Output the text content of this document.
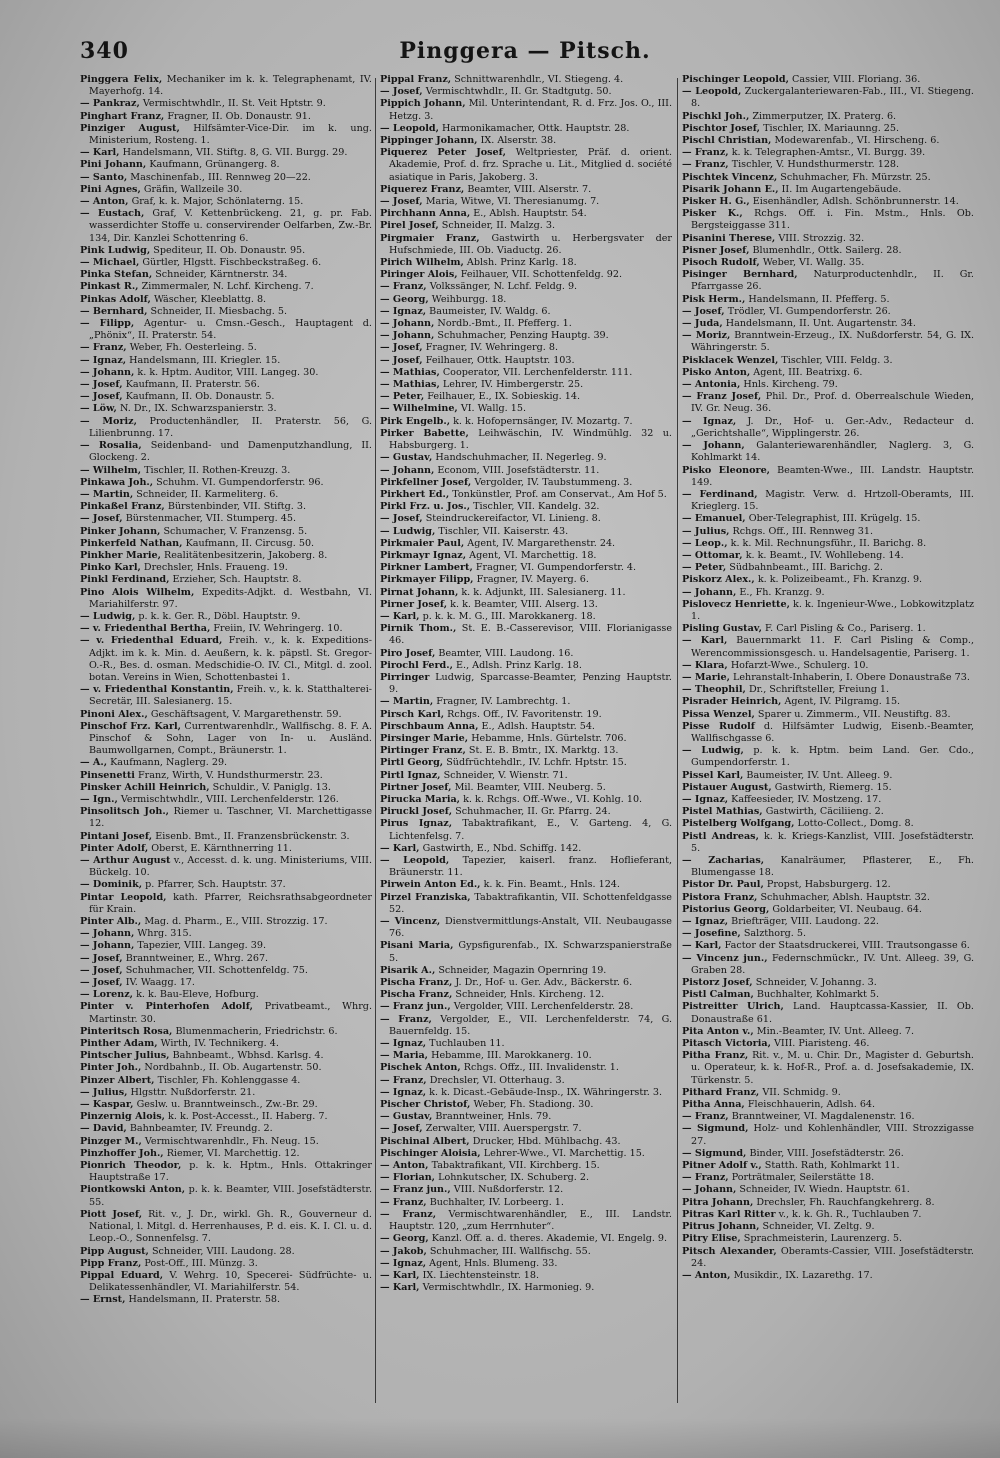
340	Pinggera — Pitsch.

Pinggera Felix, Mechaniker im k. k. Telegraphenamt, IV. Mayerhofg. 14.

— Pankraz, Vermischtwhdlr., II. St. Veit Hptstr. 9.

Pinghart Franz, Fragner, II. Ob. Donaustr. 91.

Pinziger August, Hilfsämter-Vice-Dir. im k. ung. Ministerium, Rosteng. 1.

— Karl, Handelsmann, VII. Stiftg. 8, G. VII. Burgg. 29.

Pini Johann, Kaufmann, Grünangerg. 8.

— Santo, Maschinenfab., III. Rennweg 20—22.

Pini Agnes, Gräfin, Wallzeile 30.

— Anton, Graf, k. k. Major, Schönlaterng. 15.

— Eustach, Graf, V. Kettenbrückeng. 21, g. pr. Fab. wasserdichter Stoffe u. conservirender Oelfarben, Zw.-Br. 134, Dir. Kanzlei Schottenring 6.

Pink Ludwig, Spediteur, II. Ob. Donaustr. 95.

— Michael, Gürtler, Hlgstt. Fischbeckstraßeg. 6.

Pinka Stefan, Schneider, Kärntnerstr. 34.

Pinkast R., Zimmermaler, N. Lchf. Kircheng. 7.

Pinkas Adolf, Wäscher, Kleeblattg. 8.

— Bernhard, Schneider, II. Miesbachg. 5.

— Filipp, Agentur- u. Cmsn.-Gesch., Hauptagent d. „Phönix“, II. Praterstr. 54.

— Franz, Weber, Fh. Oesterleing. 5.

— Ignaz, Handelsmann, III. Kriegler. 15.

— Johann, k. k. Hptm. Auditor, VIII. Langeg. 30.

— Josef, Kaufmann, II. Praterstr. 56.

— Josef, Kaufmann, II. Ob. Donaustr. 5.

— Löw, N. Dr., IX. Schwarzspanierstr. 3.

— Moriz, Productenhändler, II. Praterstr. 56, G. Lilienbrunng. 17.

— Rosalia, Seidenband- und Damenputzhandlung, II. Glockeng. 2.

— Wilhelm, Tischler, II. Rothen-Kreuzg. 3.

Pinkawa Joh., Schuhm. VI. Gumpendorferstr. 96.

— Martin, Schneider, II. Karmeliterg. 6.

Pinkaßel Franz, Bürstenbinder, VII. Stiftg. 3.

— Josef, Bürstenmacher, VII. Stumperg. 45.

Pinker Johann, Schumacher, V. Franzensg. 5.

Pinkerfeld Nathan, Kaufmann, II. Circusg. 50.

Pinkher Marie, Realitätenbesitzerin, Jakoberg. 8.

Pinko Karl, Drechsler, Hnls. Fraueng. 19.

Pinkl Ferdinand, Erzieher, Sch. Hauptstr. 8.

Pino Alois Wilhelm, Expedits-Adjkt. d. Westbahn, VI. Mariahilferstr. 97.

— Ludwig, p. k. k. Ger. R., Döbl. Hauptstr. 9.

— v. Friedenthal Bertha, Freiin, IV. Wehringerg. 10.

— v. Friedenthal Eduard, Freih. v., k. k. Expeditions-Adjkt. im k. k. Min. d. Aeußern, k. k. päpstl. St. Gregor-O.-R., Bes. d. osman. Medschidie-O. IV. Cl., Mitgl. d. zool. botan. Vereins in Wien, Schottenbastei 1.

— v. Friedenthal Konstantin, Freih. v., k. k. Statthalterei-Secretär, III. Salesianerg. 15.

Pinoni Alex., Geschäftsagent, V. Margarethenstr. 59.

Pinschof Frz. Karl, Currentwarenhdlr., Wallfischg. 8. F. A. Pinschof & Sohn, Lager von In- u. Ausländ. Baumwollgarnen, Compt., Bräunerstr. 1.

— A., Kaufmann, Naglerg. 29.

Pinsenetti Franz, Wirth, V. Hundsthurmerstr. 23.

Pinsker Achill Heinrich, Schuldir., V. Paniglg. 13.

— Ign., Vermischtwhdlr., VIII. Lerchenfelderstr. 126.

Pinsolitsch Joh., Riemer u. Taschner, VI. Marchettigasse 12.

Pintani Josef, Eisenb. Bmt., II. Franzensbrückenstr. 3.

Pinter Adolf, Oberst, E. Kärnthnerring 11.

— Arthur August v., Accesst. d. k. ung. Ministeriums, VIII. Bückelg. 10.

— Dominik, p. Pfarrer, Sch. Hauptstr. 37.

Pintar Leopold, kath. Pfarrer, Reichsrathsabgeordneter für Krain.

Pinter Alb., Mag. d. Pharm., E., VIII. Strozzig. 17.

— Johann, Whrg. 315.

— Johann, Tapezier, VIII. Langeg. 39.

— Josef, Branntweiner, E., Whrg. 267.

— Josef, Schuhmacher, VII. Schottenfeldg. 75.

— Josef, IV. Waagg. 17.

— Lorenz, k. k. Bau-Eleve, Hofburg.

Pinter v. Pinterhofen Adolf, Privatbeamt., Whrg. Martinstr. 30.

Pinteritsch Rosa, Blumenmacherin, Friedrichstr. 6.

Pinther Adam, Wirth, IV. Technikerg. 4.

Pintscher Julius, Bahnbeamt., Wbhsd. Karlsg. 4.

Pinter Joh., Nordbahnb., II. Ob. Augartenstr. 50.

Pinzer Albert, Tischler, Fh. Kohlenggasse 4.

— Julius, Hlgsttr. Nußdorferstr. 21.

— Kaspar, Geslw. u. Branntweinsch., Zw.-Br. 29.

Pinzernig Alois, k. k. Post-Accesst., II. Haberg. 7.

— David, Bahnbeamter, IV. Freundg. 2.

Pinzger M., Vermischtwarenhdlr., Fh. Neug. 15.

Pinzhoffer Joh., Riemer, VI. Marchettig. 12.

Pionrich Theodor, p. k. k. Hptm., Hnls. Ottakringer Hauptstraße 17.

Piontkowski Anton, p. k. k. Beamter, VIII. Josefstädterstr. 55.

Piott Josef, Rit. v., J. Dr., wirkl. Gh. R., Gouverneur d. National, l. Mitgl. d. Herrenhauses, P. d. eis. K. I. Cl. u. d. Leop.-O., Sonnenfelsg. 7.

Pipp August, Schneider, VIII. Laudong. 28.

Pipp Franz, Post-Off., III. Münzg. 3.

Pippal Eduard, V. Wehrg. 10, Specerei- Südfrüchte- u. Delikatessenhändler, VI. Mariahilferstr. 54.

— Ernst, Handelsmann, II. Praterstr. 58.

Pippal Franz, Schnittwarenhdlr., VI. Stiegeng. 4.

— Josef, Vermischtwhdlr., II. Gr. Stadtgutg. 50.

Pippich Johann, Mil. Unterintendant, R. d. Frz. Jos. O., III. Hetzg. 3.

— Leopold, Harmonikamacher, Ottk. Hauptstr. 28.

Pippinger Johann, IX. Alserstr. 38.

Piquerez Peter Josef, Weltpriester, Präf. d. orient. Akademie, Prof. d. frz. Sprache u. Lit., Mitglied d. société asiatique in Paris, Jakoberg. 3.

Piquerez Franz, Beamter, VIII. Alserstr. 7.

— Josef, Maria, Witwe, VI. Theresianumg. 7.

Pirchhann Anna, E., Ablsh. Hauptstr. 54.

Pirel Josef, Schneider, II. Malzg. 3.

Pirgmaier Franz, Gastwirth u. Herbergsvater der Hufschmiede, III. Ob. Viaductg. 26.

Pirich Wilhelm, Ablsh. Prinz Karlg. 18.

Piringer Alois, Feilhauer, VII. Schottenfeldg. 92.

— Franz, Volkssänger, N. Lchf. Feldg. 9.

— Georg, Weihburgg. 18.

— Ignaz, Baumeister, IV. Waldg. 6.

— Johann, Nordb.-Bmt., II. Pfefferg. 1.

— Johann, Schuhmacher, Penzing Hauptg. 39.

— Josef, Fragner, IV. Wehringerg. 8.

— Josef, Feilhauer, Ottk. Hauptstr. 103.

— Mathias, Cooperator, VII. Lerchenfelderstr. 111.

— Mathias, Lehrer, IV. Himbergerstr. 25.

— Peter, Feilhauer, E., IX. Sobieskig. 14.

— Wilhelmine, VI. Wallg. 15.

Pirk Engelb., k. k. Hofopernsänger, IV. Mozartg. 7.

Pirker Babette, Leihwäschin, IV. Windmühlg. 32 u. Habsburgerg. 1.

— Gustav, Handschuhmacher, II. Negerleg. 9.

— Johann, Econom, VIII. Josefstädterstr. 11.

Pirkfellner Josef, Vergolder, IV. Taubstummeng. 3.

Pirkhert Ed., Tonkünstler, Prof. am Conservat., Am Hof 5.

Pirkl Frz. u. Jos., Tischler, VII. Kandelg. 32.

— Josef, Steindruckereifactor, VI. Linieng. 8.

— Ludwig, Tischler, VII. Kaiserstr. 43.

Pirkmaier Paul, Agent, IV. Margarethenstr. 24.

Pirkmayr Ignaz, Agent, VI. Marchettig. 18.

Pirkner Lambert, Fragner, VI. Gumpendorferstr. 4.

Pirkmayer Filipp, Fragner, IV. Mayerg. 6.

Pirnat Johann, k. k. Adjunkt, III. Salesianerg. 11.

Pirner Josef, k. k. Beamter, VIII. Alserg. 13.

— Karl, p. k. k. M. G., III. Marokkanerg. 18.

Pirnik Thom., St. E. B.-Casserevisor, VIII. Florianigasse 46.

Piro Josef, Beamter, VIII. Laudong. 16.

Pirochl Ferd., E., Adlsh. Prinz Karlg. 18.

Pirringer Ludwig, Sparcasse-Beamter, Penzing Hauptstr. 9.

— Martin, Fragner, IV. Lambrechtg. 1.

Pirsch Karl, Rchgs. Off., IV. Favoritenstr. 19.

Pirschbaum Anna, E., Adlsh. Hauptstr. 54.

Pirsinger Marie, Hebamme, Hnls. Gürtelstr. 706.

Pirtinger Franz, St. E. B. Bmtr., IX. Marktg. 13.

Pirtl Georg, Südfrüchtehdlr., IV. Lchfr. Hptstr. 15.

Pirtl Ignaz, Schneider, V. Wienstr. 71.

Pirtner Josef, Mil. Beamter, VIII. Neuberg. 5.

Pirucka Maria, k. k. Rchgs. Off.-Wwe., VI. Kohlg. 10.

Piruckl Josef, Schuhmacher, II. Gr. Pfarrg. 24.

Pirus Ignaz, Tabaktrafikant, E., V. Garteng. 4, G. Lichtenfelsg. 7.

— Karl, Gastwirth, E., Nbd. Schiffg. 142.

— Leopold, Tapezier, kaiserl. franz. Hoflieferant, Bräunerstr. 11.

Pirwein Anton Ed., k. k. Fin. Beamt., Hnls. 124.

Pirzel Franziska, Tabaktrafikantin, VII. Schottenfeldgasse 52.

— Vincenz, Dienstvermittlungs-Anstalt, VII. Neubaugasse 76.

Pisani Maria, Gypsfigurenfab., IX. Schwarzspanierstraße 5.

Pisarik A., Schneider, Magazin Opernring 19.

Pischa Franz, J. Dr., Hof- u. Ger. Adv., Bäckerstr. 6.

Pischa Franz, Schneider, Hnls. Kircheng. 12.

— Franz jun., Vergolder, VIII. Lerchenfelderstr. 28.

— Franz, Vergolder, E., VII. Lerchenfelderstr. 74, G. Bauernfeldg. 15.

— Ignaz, Tuchlauben 11.

— Maria, Hebamme, III. Marokkanerg. 10.

Pischek Anton, Rchgs. Offz., III. Invalidenstr. 1.

— Franz, Drechsler, VI. Otterhaug. 3.

— Ignaz, k. k. Dicast.-Gebäude-Insp., IX. Währingerstr. 3.

Pischer Christof, Weber, Fh. Stadiong. 30.

— Gustav, Branntweiner, Hnls. 79.

— Josef, Zerwalter, VIII. Auerspergstr. 7.

Pischinal Albert, Drucker, Hbd. Mühlbachg. 43.

Pischinger Aloisia, Lehrer-Wwe., VI. Marchettig. 15.

— Anton, Tabaktrafikant, VII. Kirchberg. 15.

— Florian, Lohnkutscher, IX. Schuberg. 2.

— Franz jun., VIII. Nußdorferstr. 12.

— Franz, Buchhalter, IV. Lorbeerg. 1.

— Franz, Vermischtwarenhändler, E., III. Landstr. Hauptstr. 120, „zum Herrnhuter“.

— Georg, Kanzl. Off. a. d. theres. Akademie, VI. Engelg. 9.

— Jakob, Schuhmacher, III. Wallfischg. 55.

— Ignaz, Agent, Hnls. Blumeng. 33.

— Karl, IX. Liechtensteinstr. 18.

— Karl, Vermischtwhdlr., IX. Harmonieg. 9.

Pischinger Leopold, Cassier, VIII. Floriang. 36.

— Leopold, Zuckergalanteriewaren-Fab., III., VI. Stiegeng. 8.

Pischkl Joh., Zimmerputzer, IX. Praterg. 6.

Pischtor Josef, Tischler, IX. Mariaunng. 25.

Pischl Christian, Modewarenfab., VI. Hirscheng. 6.

— Franz, k. k. Telegraphen-Amtsr., VI. Burgg. 39.

— Franz, Tischler, V. Hundsthurmerstr. 128.

Pischtek Vincenz, Schuhmacher, Fh. Mürzstr. 25.

Pisarik Johann E., II. Im Augartengebäude.

Pisker H. G., Eisenhändler, Adlsh. Schönbrunnerstr. 14.

Pisker K., Rchgs. Off. i. Fin. Mstm., Hnls. Ob. Bergsteiggasse 311.

Pisanini Therese, VIII. Strozzig. 32.

Pisner Josef, Blumenhdlr., Ottk. Sailerg. 28.

Pisoch Rudolf, Weber, VI. Wallg. 35.

Pisinger Bernhard, Naturproductenhdlr., II. Gr. Pfarrgasse 26.

Pisk Herm., Handelsmann, II. Pfefferg. 5.

— Josef, Trödler, VI. Gumpendorferstr. 26.

— Juda, Handelsmann, II. Unt. Augartenstr. 34.

— Moriz, Branntwein-Erzeug., IX. Nußdorferstr. 54, G. IX. Währingerstr. 5.

Pisklacek Wenzel, Tischler, VIII. Feldg. 3.

Pisko Anton, Agent, III. Beatrixg. 6.

— Antonia, Hnls. Kircheng. 79.

— Franz Josef, Phil. Dr., Prof. d. Oberrealschule Wieden, IV. Gr. Neug. 36.

— Ignaz, J. Dr., Hof- u. Ger.-Adv., Redacteur d. „Gerichtshalle“, Wipplingerstr. 26.

— Johann, Galanteriewarenhändler, Naglerg. 3, G. Kohlmarkt 14.

Pisko Eleonore, Beamten-Wwe., III. Landstr. Hauptstr. 149.

— Ferdinand, Magistr. Verw. d. Hrtzoll-Oberamts, III. Krieglerg. 15.

— Emanuel, Ober-Telegraphist, III. Krügelg. 15.

— Julius, Rchgs. Off., III. Rennweg 31.

— Leop., k. k. Mil. Rechnungsführ., II. Barichg. 8.

— Ottomar, k. k. Beamt., IV. Wohllebeng. 14.

— Peter, Südbahnbeamt., III. Barichg. 2.

Piskorz Alex., k. k. Polizeibeamt., Fh. Kranzg. 9.

— Johann, E., Fh. Kranzg. 9.

Pislovecz Henriette, k. k. Ingenieur-Wwe., Lobkowitzplatz 1.

Pisling Gustav, F. Carl Pisling & Co., Pariserg. 1.

— Karl, Bauernmarkt 11. F. Carl Pisling & Comp., Werencommissionsgesch. u. Handelsagentie, Pariserg. 1.

— Klara, Hofarzt-Wwe., Schulerg. 10.

— Marie, Lehranstalt-Inhaberin, I. Obere Donaustraße 73.

— Theophil, Dr., Schriftsteller, Freiung 1.

Pisrader Heinrich, Agent, IV. Pilgramg. 15.

Pissa Wenzel, Sparer u. Zimmerm., VII. Neustiftg. 83.

Pisse Rudolf d. Hilfsämter Ludwig, Eisenb.-Beamter, Wallfischgasse 6.

— Ludwig, p. k. k. Hptm. beim Land. Ger. Cdo., Gumpendorferstr. 1.

Pissel Karl, Baumeister, IV. Unt. Alleeg. 9.

Pistauer August, Gastwirth, Riemerg. 15.

— Ignaz, Kaffeesieder, IV. Mostzeng. 17.

Pistel Mathias, Gastwirth, Cäciliieng. 2.

Pistelberg Wolfgang, Lotto-Collect., Domg. 8.

Pistl Andreas, k. k. Kriegs-Kanzlist, VIII. Josefstädterstr. 5.

— Zacharias, Kanalräumer, Pflasterer, E., Fh. Blumengasse 18.

Pistor Dr. Paul, Propst, Habsburgerg. 12.

Pistora Franz, Schuhmacher, Ablsh. Hauptstr. 32.

Pistorius Georg, Goldarbeiter, VI. Neubaug. 64.

— Ignaz, Briefträger, VIII. Laudong. 22.

— Josefine, Salzthorg. 5.

— Karl, Factor der Staatsdruckerei, VIII. Trautsongasse 6.

— Vincenz jun., Federnschmückr., IV. Unt. Alleeg. 39, G. Graben 28.

Pistorz Josef, Schneider, V. Johanng. 3.

Pistl Calman, Buchhalter, Kohlmarkt 5.

Pistreitter Ulrich, Land. Hauptcassa-Kassier, II. Ob. Donaustraße 61.

Pita Anton v., Min.-Beamter, IV. Unt. Alleeg. 7.

Pitasch Victoria, VIII. Piaristeng. 46.

Pitha Franz, Rit. v., M. u. Chir. Dr., Magister d. Geburtsh. u. Operateur, k. k. Hof-R., Prof. a. d. Josefsakademie, IX. Türkenstr. 5.

Pithard Franz, VII. Schmidg. 9.

Pitha Anna, Fleischhauerin, Adlsh. 64.

— Franz, Branntweiner, VI. Magdalenenstr. 16.

— Sigmund, Holz- und Kohlenhändler, VIII. Strozzigasse 27.

— Sigmund, Binder, VIII. Josefstädterstr. 26.

Pitner Adolf v., Statth. Rath, Kohlmarkt 11.

— Franz, Porträtmaler, Seilerstätte 18.

— Johann, Schneider, IV. Wiedn. Hauptstr. 61.

Pitra Johann, Drechsler, Fh. Rauchfangkehrerg. 8.

Pitras Karl Ritter v., k. k. Gh. R., Tuchlauben 7.

Pitrus Johann, Schneider, VI. Zeltg. 9.

Pitry Elise, Sprachmeisterin, Laurenzerg. 5.

Pitsch Alexander, Oberamts-Cassier, VIII. Josefstädterstr. 24.

— Anton, Musikdir., IX. Lazarethg. 17.
